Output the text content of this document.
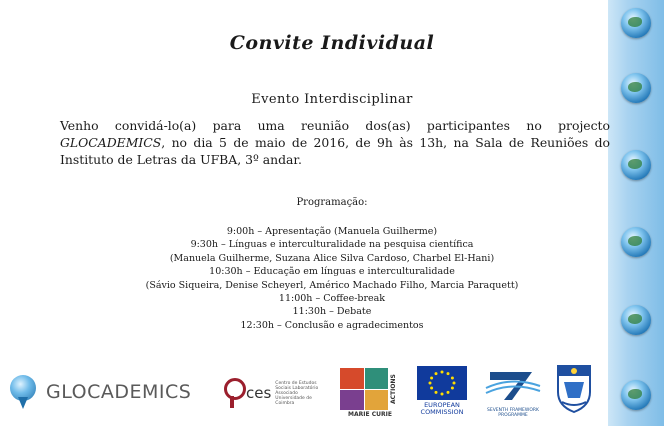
Convite Individual
Evento Interdisciplinar
Venho convidá-lo(a) para uma reunião dos(as) participantes no projecto GLOCADEMICS, no dia 5 de maio de 2016, de 9h às 13h, na Sala de Reuniões do Instituto de Letras da UFBA, 3º andar.
Programação:
9:00h – Apresentação (Manuela Guilherme)
9:30h – Línguas e interculturalidade na pesquisa científica
(Manuela Guilherme, Suzana Alice Silva Cardoso, Charbel El-Hani)
10:30h – Educação em línguas e interculturalidade
(Sávio Siqueira, Denise Scheyerl, Américo Machado Filho, Marcia Paraquett)
11:00h – Coffee-break
11:30h – Debate
12:30h – Conclusão e agradecimentos
GLOCADEMICS	ces
Centro de Estudos Sociais Laboratório Associado Universidade de Coimbra	ACTIONS
MARIE CURIE
EUROPEAN
COMMISSION	SEVENTH FRAMEWORK
PROGRAMME
